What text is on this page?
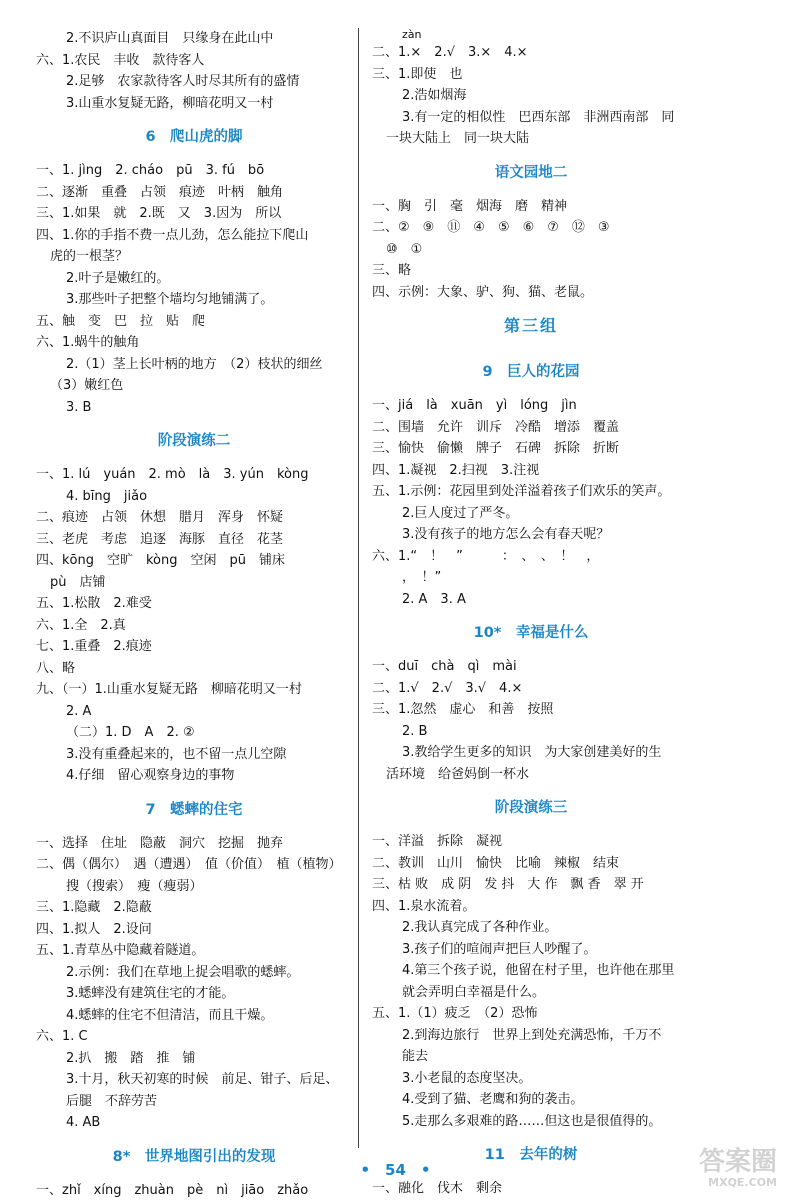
2.不识庐山真面目　只缘身在此山中
六、1.农民　丰收　款待客人
2.足够　农家款待客人时尽其所有的盛情
3.山重水复疑无路，柳暗花明又一村
6　爬山虎的脚
一、1. jìng　2. cháo　pū　3. fú　bō
二、逐渐　重叠　占领　痕迹　叶柄　触角
三、1.如果　就　2.既　又　3.因为　所以
四、1.你的手指不费一点儿劲，怎么能拉下爬山
虎的一根茎？
2.叶子是嫩红的。
3.那些叶子把整个墙均匀地铺满了。
五、触　变　巴　拉　贴　爬
六、1.蜗牛的触角
2.（1）茎上长叶柄的地方　（2）枝状的细丝
（3）嫩红色
3. B
阶段演练二
一、1. lú　yuán　2. mò　là　3. yún　kòng
4. bīng　jiǎo
二、痕迹　占领　休想　腊月　浑身　怀疑
三、老虎　考虑　追逐　海豚　直径　花茎
四、kōng　空旷　kòng　空闲　pū　铺床
pù　店铺
五、1.松散　2.难受
六、1.全　2.真
七、1.重叠　2.痕迹
八、略
九、（一）1.山重水复疑无路　柳暗花明又一村
2. A
（二）1. D　A　2. ②
3.没有重叠起来的，也不留一点儿空隙
4.仔细　留心观察身边的事物
7　蟋蟀的住宅
一、选择　住址　隐蔽　洞穴　挖掘　抛弃
二、偶（偶尔）　遇（遭遇）　值（价值）　植（植物）
搜（搜索）　瘦（瘦弱）
三、1.隐藏　2.隐蔽
四、1.拟人　2.设问
五、1.青草丛中隐藏着隧道。
2.示例：我们在草地上捉会唱歌的蟋蟀。
3.蟋蟀没有建筑住宅的才能。
4.蟋蟀的住宅不但清洁，而且干燥。
六、1. C
2.扒　搬　踏　推　铺
3.十月，秋天初寒的时候　前足、钳子、后足、
后腿　不辞劳苦
4. AB
8*　世界地图引出的发现
一、zhǐ　xíng　zhuàn　pè　nì　jiāo　zhǎo
zàn
二、1.×　2.√　3.×　4.×
三、1.即使　也
2.浩如烟海
3.有一定的相似性　巴西东部　非洲西南部　同
一块大陆上　同一块大陆
语文园地二
一、胸　引　毫　烟海　磨　精神
二、②　⑨　⑪　④　⑤　⑥　⑦　⑫　③
⑩　①
三、略
四、示例：大象、驴、狗、猫、老鼠。
第三组
9　巨人的花园
一、jiá　là　xuān　yì　lóng　jìn
二、围墙　允许　训斥　冷酷　增添　覆盖
三、愉快　偷懒　牌子　石碑　拆除　折断
四、1.凝视　2.扫视　3.注视
五、1.示例：花园里到处洋溢着孩子们欢乐的笑声。
2.巨人度过了严冬。
3.没有孩子的地方怎么会有春天呢？
六、1.“　！　”　　　：　、　、　！　，
，　！”
2. A　3. A
10*　幸福是什么
一、duī　chà　qì　mài
二、1.√　2.√　3.√　4.×
三、1.忽然　虚心　和善　按照
2. B
3.教给学生更多的知识　为大家创建美好的生
活环境　给爸妈倒一杯水
阶段演练三
一、洋溢　拆除　凝视
二、教训　山川　愉快　比喻　辣椒　结束
三、枯 败　成 阴　发 抖　大 作　飘 香　翠 开
四、1.泉水流着。
2.我认真完成了各种作业。
3.孩子们的喧闹声把巨人吵醒了。
4.第三个孩子说，他留在村子里，也许他在那里
就会弄明白幸福是什么。
五、1.（1）疲乏　（2）恐怖
2.到海边旅行　世界上到处充满恐怖，千万不
能去
3.小老鼠的态度坚决。
4.受到了猫、老鹰和狗的袭击。
5.走那么多艰难的路……但这也是很值得的。
11　去年的树
一、融化　伐木　剩余
•　54　•	答案圈
MXQE.COM
